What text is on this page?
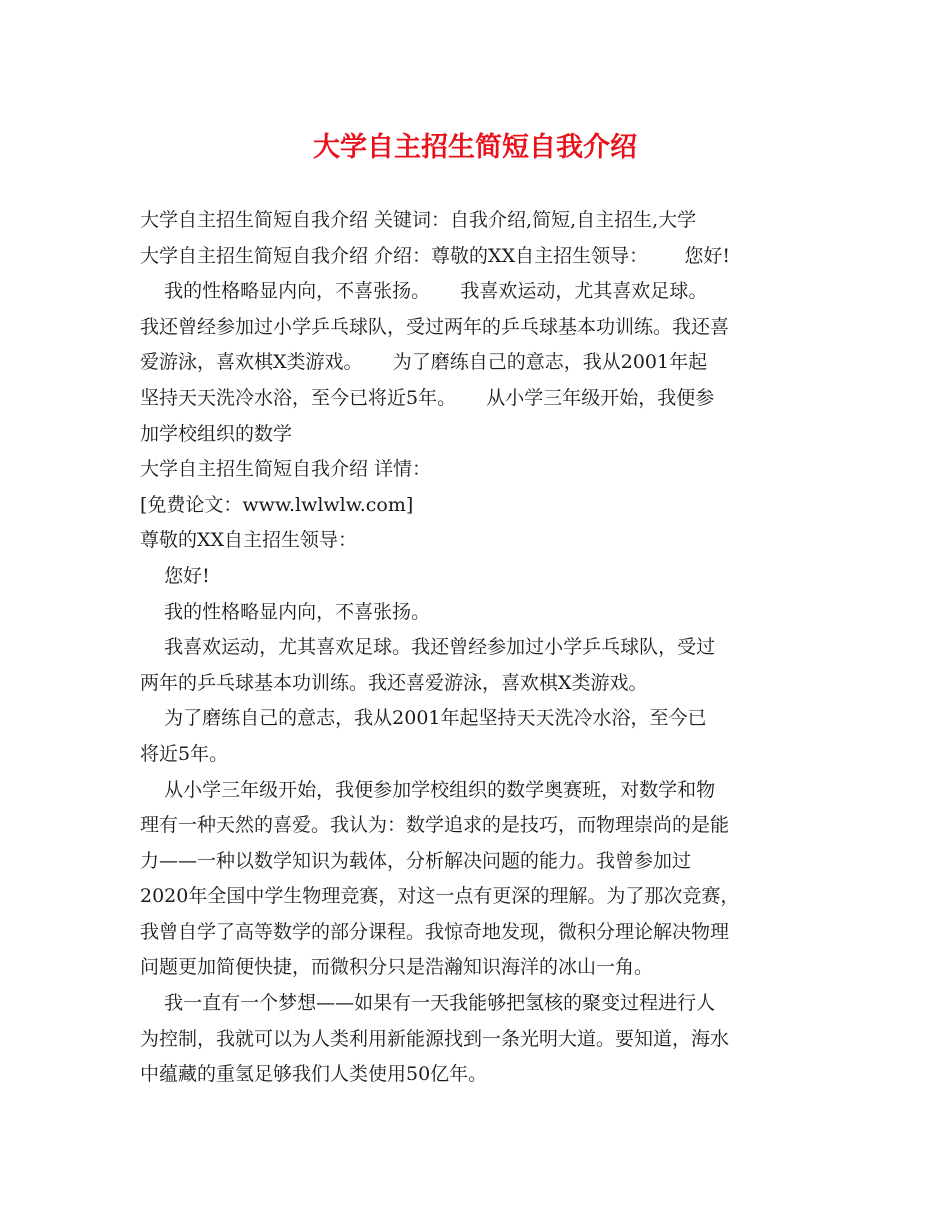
大学自主招生简短自我介绍
大学自主招生简短自我介绍 关键词：自我介绍,简短,自主招生,大学
大学自主招生简短自我介绍 介绍：尊敬的XX自主招生领导：      您好!
我的性格略显内向，不喜张扬。     我喜欢运动，尤其喜欢足球。
我还曾经参加过小学乒乓球队，受过两年的乒乓球基本功训练。我还喜
爱游泳，喜欢棋X类游戏。     为了磨练自己的意志，我从2001年起
坚持天天洗冷水浴，至今已将近5年。     从小学三年级开始，我便参
加学校组织的数学
大学自主招生简短自我介绍 详情：
[免费论文：www.lwlwlw.com]
尊敬的XX自主招生领导：
您好!
我的性格略显内向，不喜张扬。
我喜欢运动，尤其喜欢足球。我还曾经参加过小学乒乓球队，受过
两年的乒乓球基本功训练。我还喜爱游泳，喜欢棋X类游戏。
为了磨练自己的意志，我从2001年起坚持天天洗冷水浴，至今已
将近5年。
从小学三年级开始，我便参加学校组织的数学奥赛班，对数学和物
理有一种天然的喜爱。我认为：数学追求的是技巧，而物理崇尚的是能
力——一种以数学知识为载体，分析解决问题的能力。我曾参加过
2020年全国中学生物理竞赛，对这一点有更深的理解。为了那次竞赛，
我曾自学了高等数学的部分课程。我惊奇地发现，微积分理论解决物理
问题更加简便快捷，而微积分只是浩瀚知识海洋的冰山一角。
我一直有一个梦想——如果有一天我能够把氢核的聚变过程进行人
为控制，我就可以为人类利用新能源找到一条光明大道。要知道，海水
中蕴藏的重氢足够我们人类使用50亿年。
